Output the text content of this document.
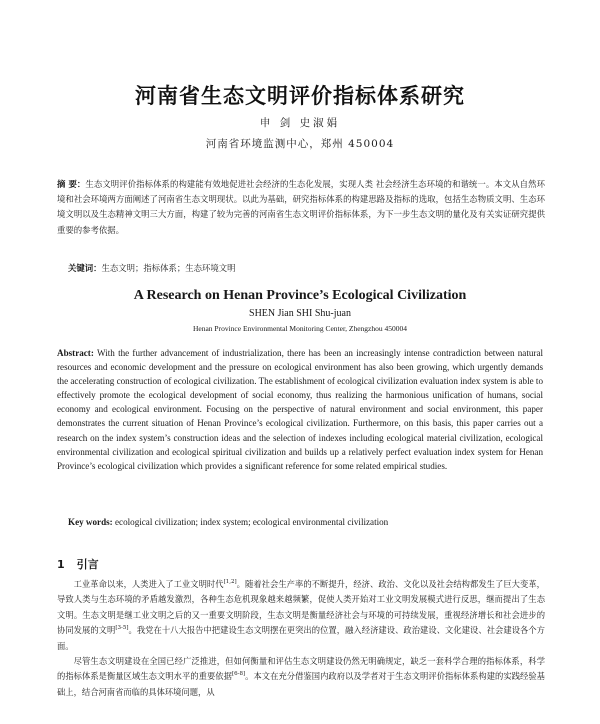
河南省生态文明评价指标体系研究
申 剑 史淑娟
河南省环境监测中心，郑州 450004
摘 要：生态文明评价指标体系的构建能有效地促进社会经济的生态化发展，实现人类 社会经济生态环境的和谐统一。本文从自然环境和社会环境两方面阐述了河南省生态文明现状。以此为基础，研究指标体系的构建思路及指标的选取，包括生态物质文明、生态环境文明以及生态精神文明三大方面，构建了较为完善的河南省生态文明评价指标体系，为下一步生态文明的量化及有关实证研究提供重要的参考依据。
关键词：生态文明；指标体系；生态环境文明
A Research on Henan Province’s Ecological Civilization
SHEN Jian SHI Shu-juan
Henan Province Environmental Monitoring Center, Zhengzhou 450004
Abstract: With the further advancement of industrialization, there has been an increasingly intense contradiction between natural resources and economic development and the pressure on ecological environment has also been growing, which urgently demands the accelerating construction of ecological civilization. The establishment of ecological civilization evaluation index system is able to effectively promote the ecological development of social economy, thus realizing the harmonious unification of humans, social economy and ecological environment. Focusing on the perspective of natural environment and social environment, this paper demonstrates the current situation of Henan Province’s ecological civilization. Furthermore, on this basis, this paper carries out a research on the index system’s construction ideas and the selection of indexes including ecological material civilization, ecological environmental civilization and ecological spiritual civilization and builds up a relatively perfect evaluation index system for Henan Province’s ecological civilization which provides a significant reference for some related empirical studies.
Key words: ecological civilization; index system; ecological environmental civilization
1 引言
工业革命以来，人类进入了工业文明时代[1,2]。随着社会生产率的不断提升，经济、政治、文化以及社会结构都发生了巨大变革，导致人类与生态环境的矛盾越发激烈，各种生态危机现象越来越频繁，促使人类开始对工业文明发展模式进行反思，继而提出了生态文明。生态文明是继工业文明之后的又一重要文明阶段，生态文明是衡量经济社会与环境的可持续发展，重视经济增长和社会进步的协同发展的文明[3-5]。我党在十八大报告中把建设生态文明摆在更突出的位置，融入经济建设、政治建设、文化建设、社会建设各个方面。
尽管生态文明建设在全国已经广泛推进，但如何衡量和评估生态文明建设仍然无明确规定，缺乏一套科学合理的指标体系，科学的指标体系是衡量区域生态文明水平的重要依据[6-8]。本文在充分借鉴国内政府以及学者对于生态文明评价指标体系构建的实践经验基础上，结合河南省而临的具体环境问题，从
